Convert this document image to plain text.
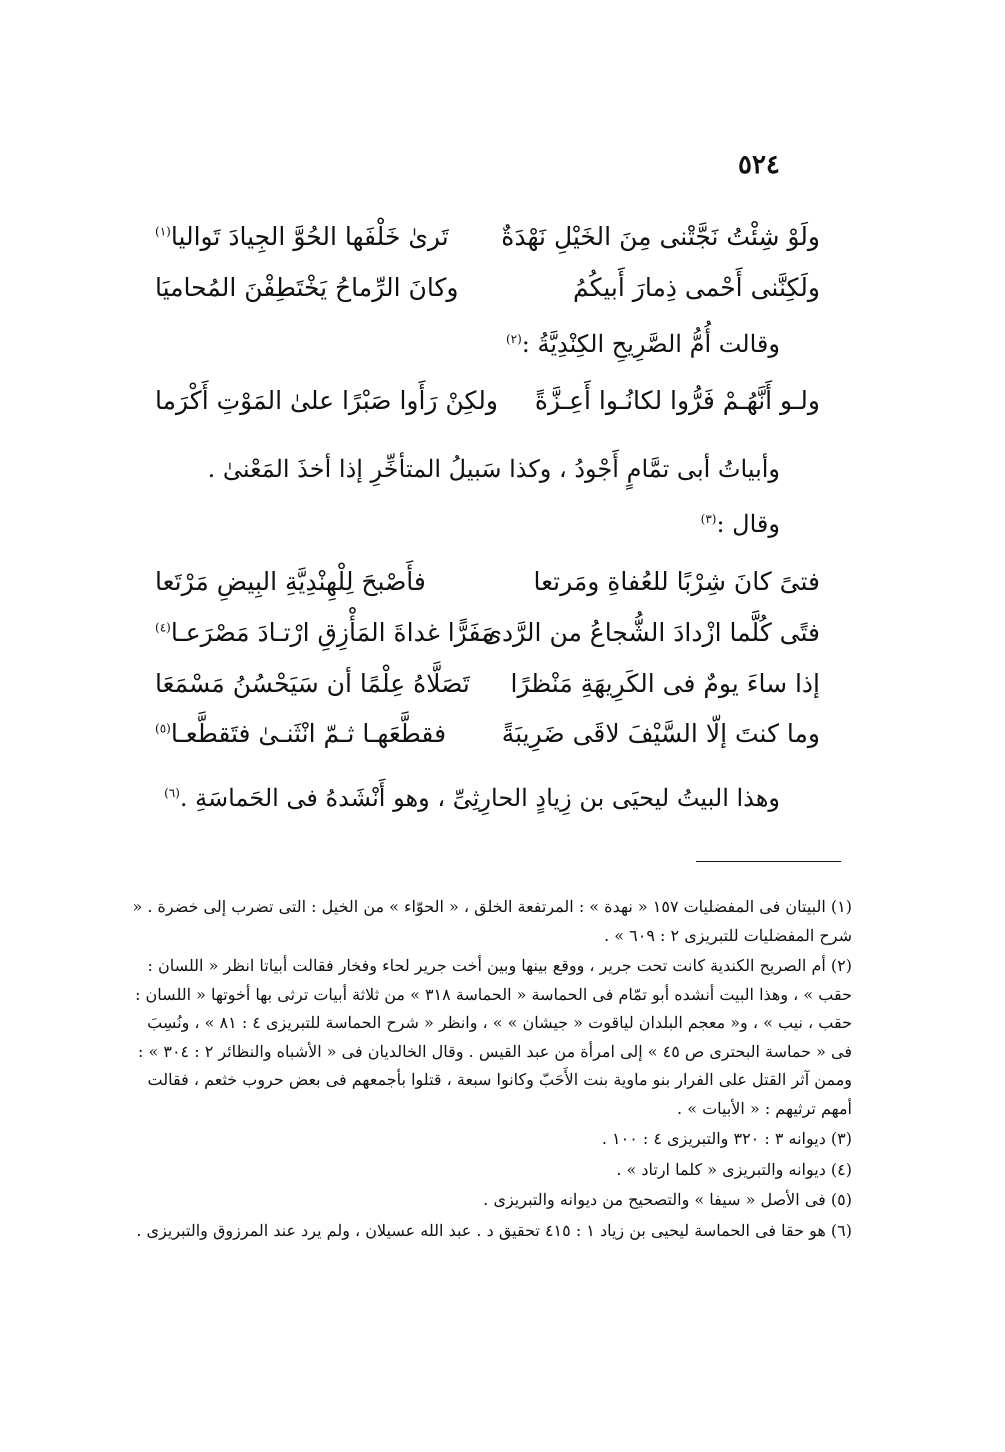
٥٢٤
ولَوْ شِئْتُ نَجَّتْنى مِنَ الخَيْلِ نَهْدَةٌ
تَرىٰ خَلْفَها الحُوَّ الجِيادَ تَواليا$^{(١)}$
ولَكِنَّنى أَحْمى ذِمارَ أَبيكُمُ
وكانَ الرِّماحُ يَخْتَطِفْنَ المُحاميَا
وقالت أُمُّ الصَّرِيحِ الكِنْدِيَّةُ :$^{(٢)}$
ولـو أَنَّهُـمْ فَرُّوا لكانُـوا أَعِـزَّةً
ولكِنْ رَأَوا صَبْرًا علىٰ المَوْتِ أَكْرَما
وأبياتُ أبى تمَّامٍ أَجْودُ ، وكذا سَبيلُ المتأخِّرِ إذا أخذَ المَعْنىٰ .
وقال :$^{(٣)}$
فتىً كانَ شِرْبًا للعُفاةِ ومَرتعا
فأَصْبحَ لِلْهِنْدِيَّةِ البِيضِ مَرْتَعا
فتًى كُلَّما ازْدادَ الشُّجاعُ من الرَّدى
مَفَرًّا غداةَ المَأْزِقِ ارْتـادَ مَصْرَعـا$^{(٤)}$
إذا ساءَ يومٌ فى الكَرِيهَةِ مَنْظرًا
تَصَلَّاهُ عِلْمًا أن سَيَحْسُنُ مَسْمَعَا
وما كنتَ إلّا السَّيْفَ لاقَى ضَرِيبَةً
فقطَّعَهـا ثـمّ انْثَنـىٰ فتَقطَّعـا$^{(٥)}$
وهذا البيتُ ليحيَى بن زِيادٍ الحارِثِىِّ ، وهو أَنْشَدهُ فى الحَماسَةِ .$^{(٦)}$

(١) البيتان فى المفضليات ١٥٧ « نهدة » : المرتفعة الخلق ، « الحوّاء » من الخيل : التى تضرب إلى خضرة . « شرح المفضليات للتبريزى ٢ : ٦٠٩ » .

(٢) أم الصريح الكندية كانت تحت جرير ، ووقع بينها وبين أخت جرير لحاء وفخار فقالت أبياتا انظر « اللسان : حقب » ، وهذا البيت أنشده أبو تمّام فى الحماسة « الحماسة ٣١٨ » من ثلاثة أبيات ترثى بها أخوتها « اللسان : حقب ، نيب » ، و« معجم البلدان لياقوت « جيشان » » ، وانظر « شرح الحماسة للتبريزى ٤ : ٨١ » ، ونُسِبَ فى « حماسة البحترى ص ٤٥ » إلى امرأة من عبد القيس . وقال الخالديان فى « الأشباه والنظائر ٢ : ٣٠٤ » : وممن آثر القتل على الفرار بنو ماوية بنت الأَحَبّ وكانوا سبعة ، قتلوا بأجمعهم فى بعض حروب خثعم ، فقالت أمهم ترثيهم : « الأبيات » .

(٣) ديوانه ٣ : ٣٢٠ والتبريزى ٤ : ١٠٠ .

(٤) ديوانه والتبريزى « كلما ارتاد » .

(٥) فى الأصل « سيفا » والتصحيح من ديوانه والتبريزى .

(٦) هو حقا فى الحماسة ليحيى بن زياد ١ : ٤١٥ تحقيق د . عبد الله عسيلان ، ولم يرد عند المرزوق والتبريزى .
